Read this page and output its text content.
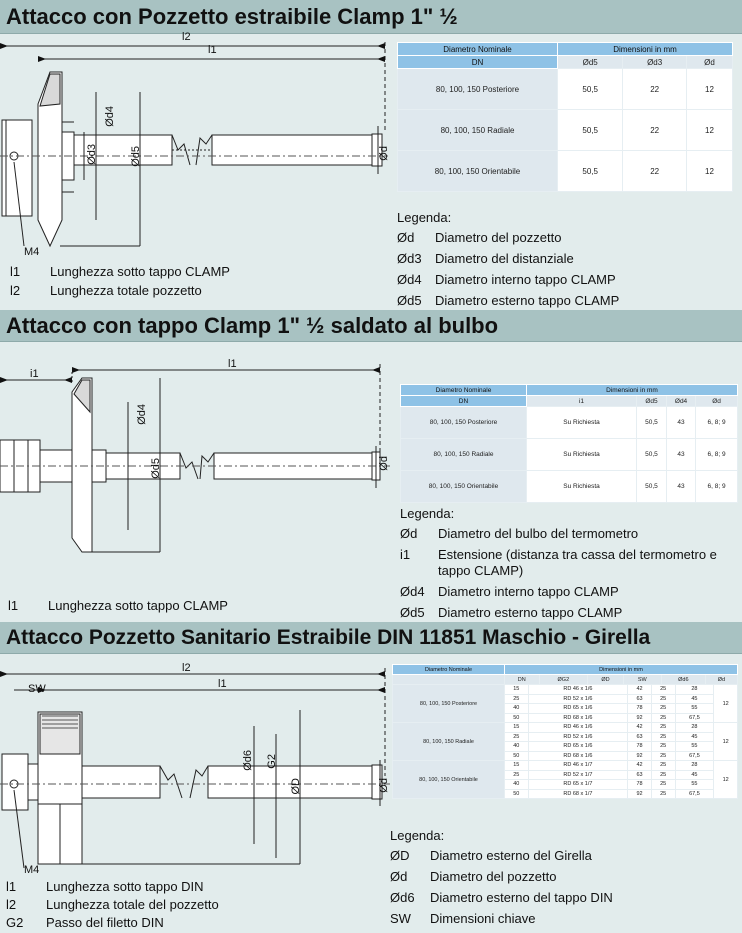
Attacco con Pozzetto estraibile Clamp 1" ½
l2
l1
Ød4
Ød3	Ød5	Ød
M4
Diametro Nominale	Dimensioni in mm		
DN	Ød5	Ød3	Ød
80, 100, 150 Posteriore	50,5	22	12
80, 100, 150 Radiale	50,5	22	12
80, 100, 150 Orientabile	50,5	22	12
Legenda:
Ød	Diametro del pozzetto
Ød3	Diametro del distanziale
Ød4	Diametro interno tappo CLAMP
Ød5	Diametro esterno tappo CLAMP
l1	Lunghezza sotto tappo CLAMP
l2	Lunghezza totale pozzetto
Attacco con tappo Clamp 1" ½ saldato al bulbo
i1
l1
Ød4
Ød5	Ød
Diametro Nominale	Dimensioni in mm			
DN	i1	Ød5	Ød4	Ød
80, 100, 150 Posteriore	Su Richiesta	50,5	43	6, 8; 9
80, 100, 150 Radiale	Su Richiesta	50,5	43	6, 8; 9
80, 100, 150 Orientabile	Su Richiesta	50,5	43	6, 8; 9
Legenda:
Ød	Diametro del bulbo del termometro
i1	Estensione (distanza tra cassa del termometro e tappo CLAMP)
Ød4	Diametro interno tappo CLAMP
Ød5	Diametro esterno tappo CLAMP
l1	Lunghezza sotto tappo CLAMP
Attacco Pozzetto Sanitario Estraibile DIN 11851 Maschio - Girella
l2
l1
SW
Ød6 G2
ØD	Ød
M4
Diametro Nominale	Dimensioni in mm					
	DN	ØG2	ØD	SW	Ød6	Ød
80, 100, 150 Posteriore	15	RD 46 x 1/6	42	25	28	12
	25	RD 52 x 1/6	63	25	45	
	40	RD 65 x 1/6	78	25	55	
	50	RD 68 x 1/6	92	25	67,5	
80, 100, 150 Radiale	15	RD 46 x 1/6	42	25	28	12
	25	RD 52 x 1/6	63	25	45	
	40	RD 65 x 1/6	78	25	55	
	50	RD 68 x 1/6	92	25	67,5	
80, 100, 150 Orientabile	15	RD 46 x 1/7	42	25	28	12
	25	RD 52 x 1/7	63	25	45	
	40	RD 65 x 1/7	78	25	55	
	50	RD 68 x 1/7	92	25	67,5	
Legenda:
ØD	Diametro esterno del Girella
Ød	Diametro del pozzetto
Ød6	Diametro esterno del tappo DIN
SW	Dimensioni chiave
l1	Lunghezza sotto tappo DIN
l2	Lunghezza totale del pozzetto
G2	Passo del filetto DIN
